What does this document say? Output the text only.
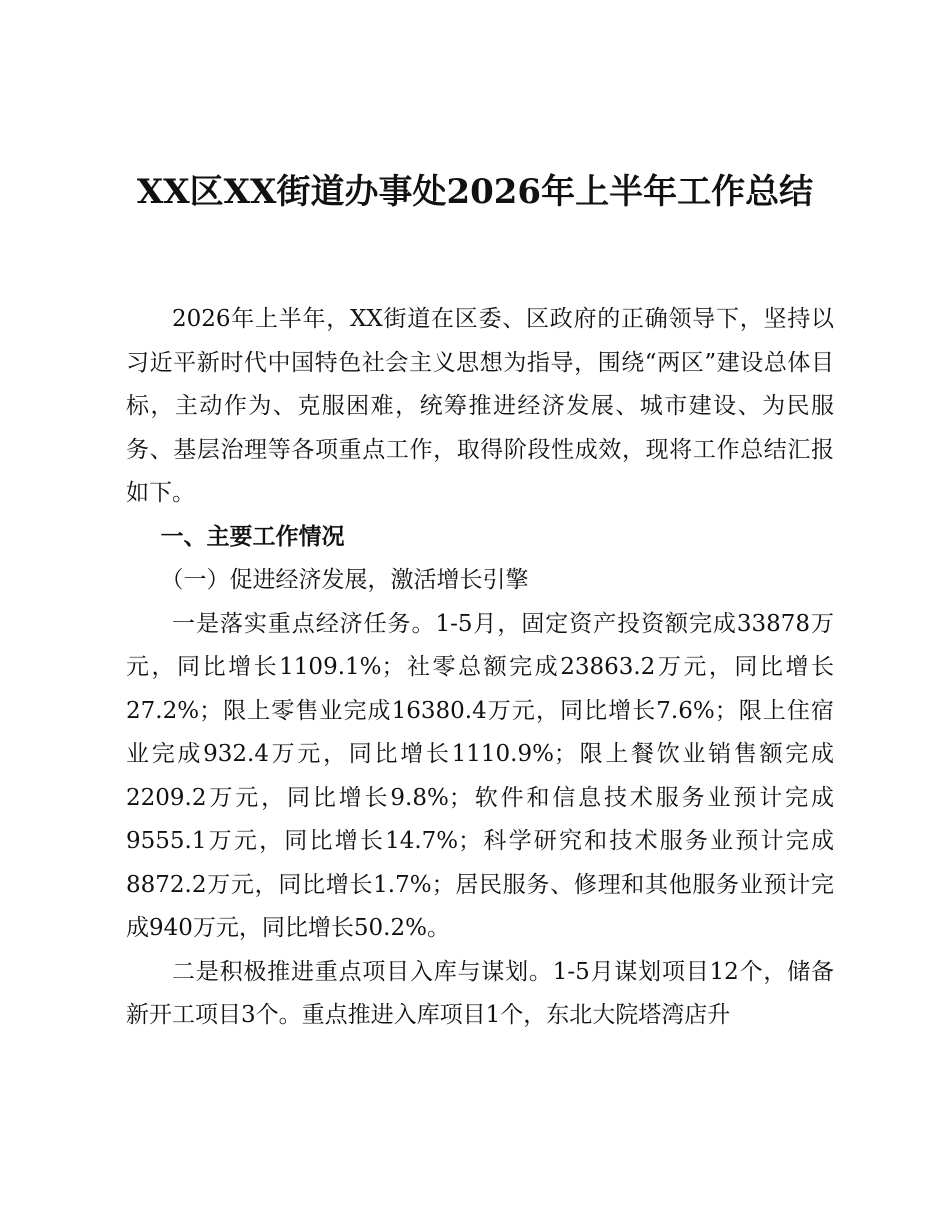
XX区XX街道办事处2026年上半年工作总结

2026年上半年，XX街道在区委、区政府的正确领导下，坚持以习近平新时代中国特色社会主义思想为指导，围绕“两区”建设总体目标，主动作为、克服困难，统筹推进经济发展、城市建设、为民服务、基层治理等各项重点工作，取得阶段性成效，现将工作总结汇报如下。

一、主要工作情况

（一）促进经济发展，激活增长引擎

一是落实重点经济任务。1-5月，固定资产投资额完成33878万元，同比增长1109.1%；社零总额完成23863.2万元，同比增长27.2%；限上零售业完成16380.4万元，同比增长7.6%；限上住宿业完成932.4万元，同比增长1110.9%；限上餐饮业销售额完成2209.2万元，同比增长9.8%；软件和信息技术服务业预计完成9555.1万元，同比增长14.7%；科学研究和技术服务业预计完成8872.2万元，同比增长1.7%；居民服务、修理和其他服务业预计完成940万元，同比增长50.2%。

二是积极推进重点项目入库与谋划。1-5月谋划项目12个，储备新开工项目3个。重点推进入库项目1个，东北大院塔湾店升
